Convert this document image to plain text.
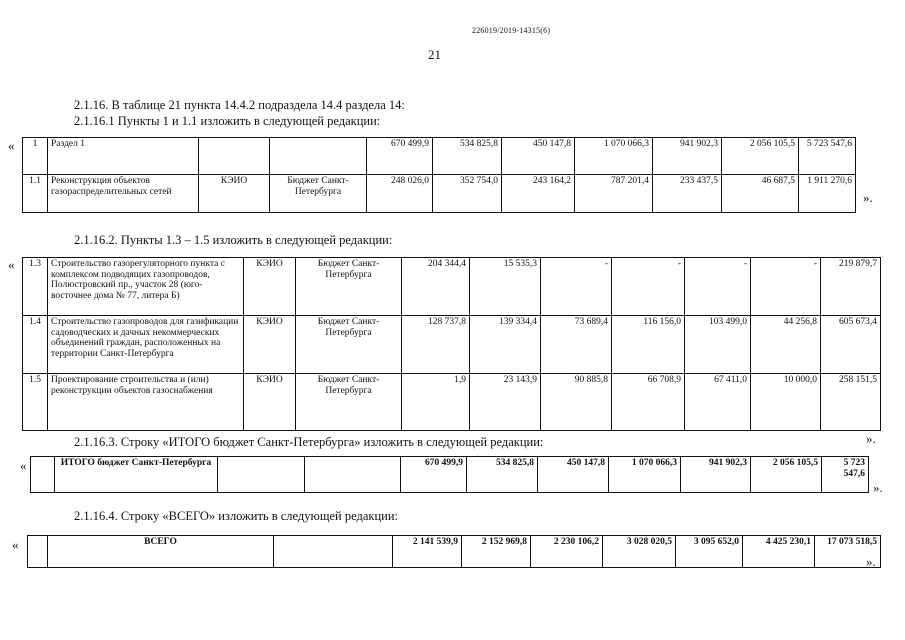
226019/2019-14315(6)
21
2.1.16. В таблице 21 пункта 14.4.2 подраздела 14.4 раздела 14:
2.1.16.1 Пункты 1 и 1.1 изложить в следующей редакции:
« 1	Раздел 1			670 499,9	534 825,8	450 147,8	1 070 066,3	941 902,3	2 056 105,5	5 723 547,6
1.1	Реконструкция объектов газораспределительных сетей	КЭИО	Бюджет Санкт-Петербурга	248 026,0	352 754,0	243 164,2	787 201,4	233 437,5	46 687,5	1 911 270,6
».
2.1.16.2. Пункты 1.3 – 1.5 изложить в следующей редакции:
« 1.3	Строительство газорегуляторного пункта с комплексом подводящих газопроводов, Полюстровский пр., участок 28 (юго-восточнее дома № 77, литера Б)	КЭИО	Бюджет Санкт-Петербурга	204 344,4	15 535,3	-	-	-	-	219 879,7
1.4	Строительство газопроводов для газификации садоводческих и дачных некоммерческих объединений граждан, расположенных на территории Санкт-Петербурга	КЭИО	Бюджет Санкт-Петербурга	128 737,8	139 334,4	73 689,4	116 156,0	103 499,0	44 256,8	605 673,4
1.5	Проектирование строительства и (или) реконструкции объектов газоснабжения	КЭИО	Бюджет Санкт-Петербурга	1,9	23 143,9	90 885,8	66 708,9	67 411,0	10 000,0	258 151,5
».
2.1.16.3. Строку «ИТОГО бюджет Санкт-Петербурга» изложить в следующей редакции:
«
		ИТОГО бюджет Санкт-Петербурга			670 499,9	534 825,8	450 147,8	1 070 066,3	941 902,3	2 056 105,5	5 723 547,6
».
2.1.16.4. Строку «ВСЕГО» изложить в следующей редакции:
«
		ВСЕГО		2 141 539,9	2 152 969,8	2 230 106,2	3 028 020,5	3 095 652,0	4 425 230,1	17 073 518,5
».
